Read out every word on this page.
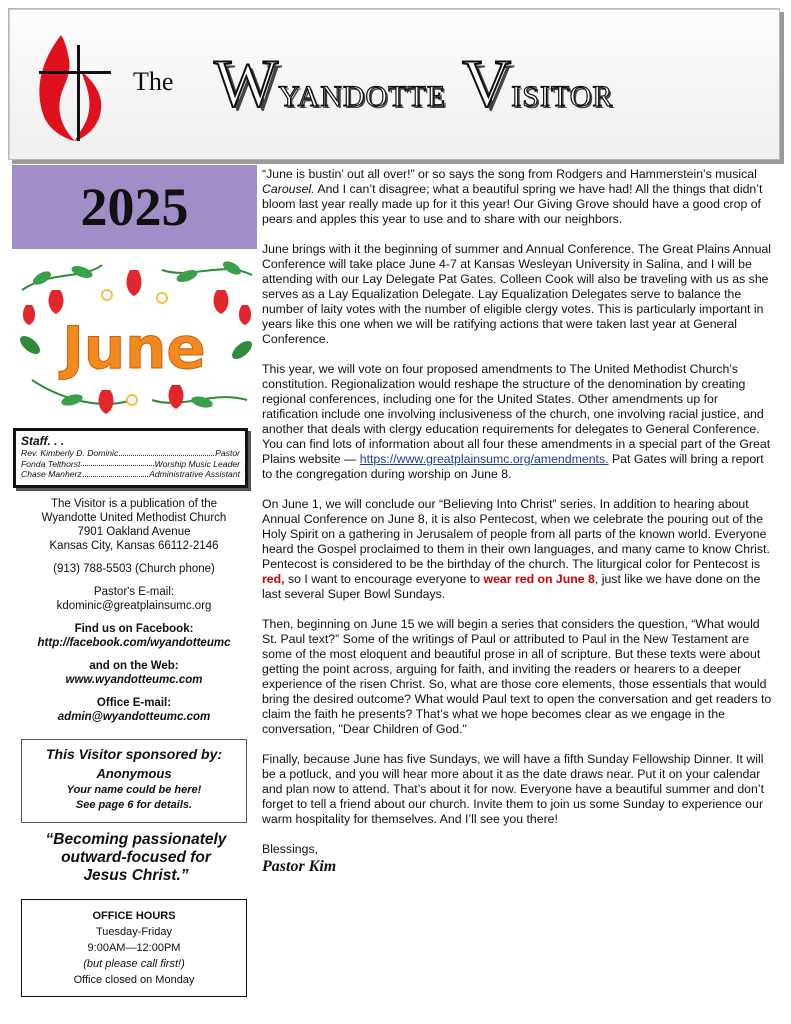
The WYANDOTTE VISITOR
2025
June
Staff. . .
Rev. Kimberly D. Dominic	Pastor
Fonda Telthorst	Worship Music Leader
Chase Manherz	Administrative Assistant
The Visitor is a publication of the
Wyandotte United Methodist Church
7901 Oakland Avenue
Kansas City, Kansas 66112-2146
(913) 788-5503 (Church phone)
Pastor's E-mail:
kdominic@greatplainsumc.org
Find us on Facebook:
http://facebook.com/wyandotteumc
and on the Web:
www.wyandotteumc.com
Office E-mail:
admin@wyandotteumc.com
This Visitor sponsored by:
Anonymous
Your name could be here!
See page 6 for details.
“Becoming passionately
outward-focused for
Jesus Christ.”
OFFICE HOURS
Tuesday-Friday
9:00AM—12:00PM
(but please call first!)
Office closed on Monday

“June is bustin’ out all over!” or so says the song from Rodgers and Hammerstein’s musical Carousel. And I can’t disagree; what a beautiful spring we have had! All the things that didn’t bloom last year really made up for it this year! Our Giving Grove should have a good crop of pears and apples this year to use and to share with our neighbors.

June brings with it the beginning of summer and Annual Conference. The Great Plains Annual Conference will take place June 4-7 at Kansas Wesleyan University in Salina, and I will be attending with our Lay Delegate Pat Gates. Colleen Cook will also be traveling with us as she serves as a Lay Equalization Delegate. Lay Equalization Delegates serve to balance the number of laity votes with the number of eligible clergy votes. This is particularly important in years like this one when we will be ratifying actions that were taken last year at General Conference.

This year, we will vote on four proposed amendments to The United Methodist Church’s constitution. Regionalization would reshape the structure of the denomination by creating regional conferences, including one for the United States. Other amendments up for ratification include one involving inclusiveness of the church, one involving racial justice, and another that deals with clergy education requirements for delegates to General Conference. You can find lots of information about all four these amendments in a special part of the Great Plains website — https://www.greatplainsumc.org/amendments. Pat Gates will bring a report to the congregation during worship on June 8.

On June 1, we will conclude our “Believing Into Christ” series. In addition to hearing about Annual Conference on June 8, it is also Pentecost, when we celebrate the pouring out of the Holy Spirit on a gathering in Jerusalem of people from all parts of the known world. Everyone heard the Gospel proclaimed to them in their own languages, and many came to know Christ. Pentecost is considered to be the birthday of the church. The liturgical color for Pentecost is red, so I want to encourage everyone to wear red on June 8, just like we have done on the last several Super Bowl Sundays.

Then, beginning on June 15 we will begin a series that considers the question, “What would St. Paul text?” Some of the writings of Paul or attributed to Paul in the New Testament are some of the most eloquent and beautiful prose in all of scripture. But these texts were about getting the point across, arguing for faith, and inviting the readers or hearers to a deeper experience of the risen Christ. So, what are those core elements, those essentials that would bring the desired outcome? What would Paul text to open the conversation and get readers to claim the faith he presents? That’s what we hope becomes clear as we engage in the conversation, "Dear Children of God."

Finally, because June has five Sundays, we will have a fifth Sunday Fellowship Dinner. It will be a potluck, and you will hear more about it as the date draws near. Put it on your calendar and plan now to attend. That’s about it for now. Everyone have a beautiful summer and don’t forget to tell a friend about our church. Invite them to join us some Sunday to experience our warm hospitality for themselves. And I’ll see you there!

Blessings,

Pastor Kim
